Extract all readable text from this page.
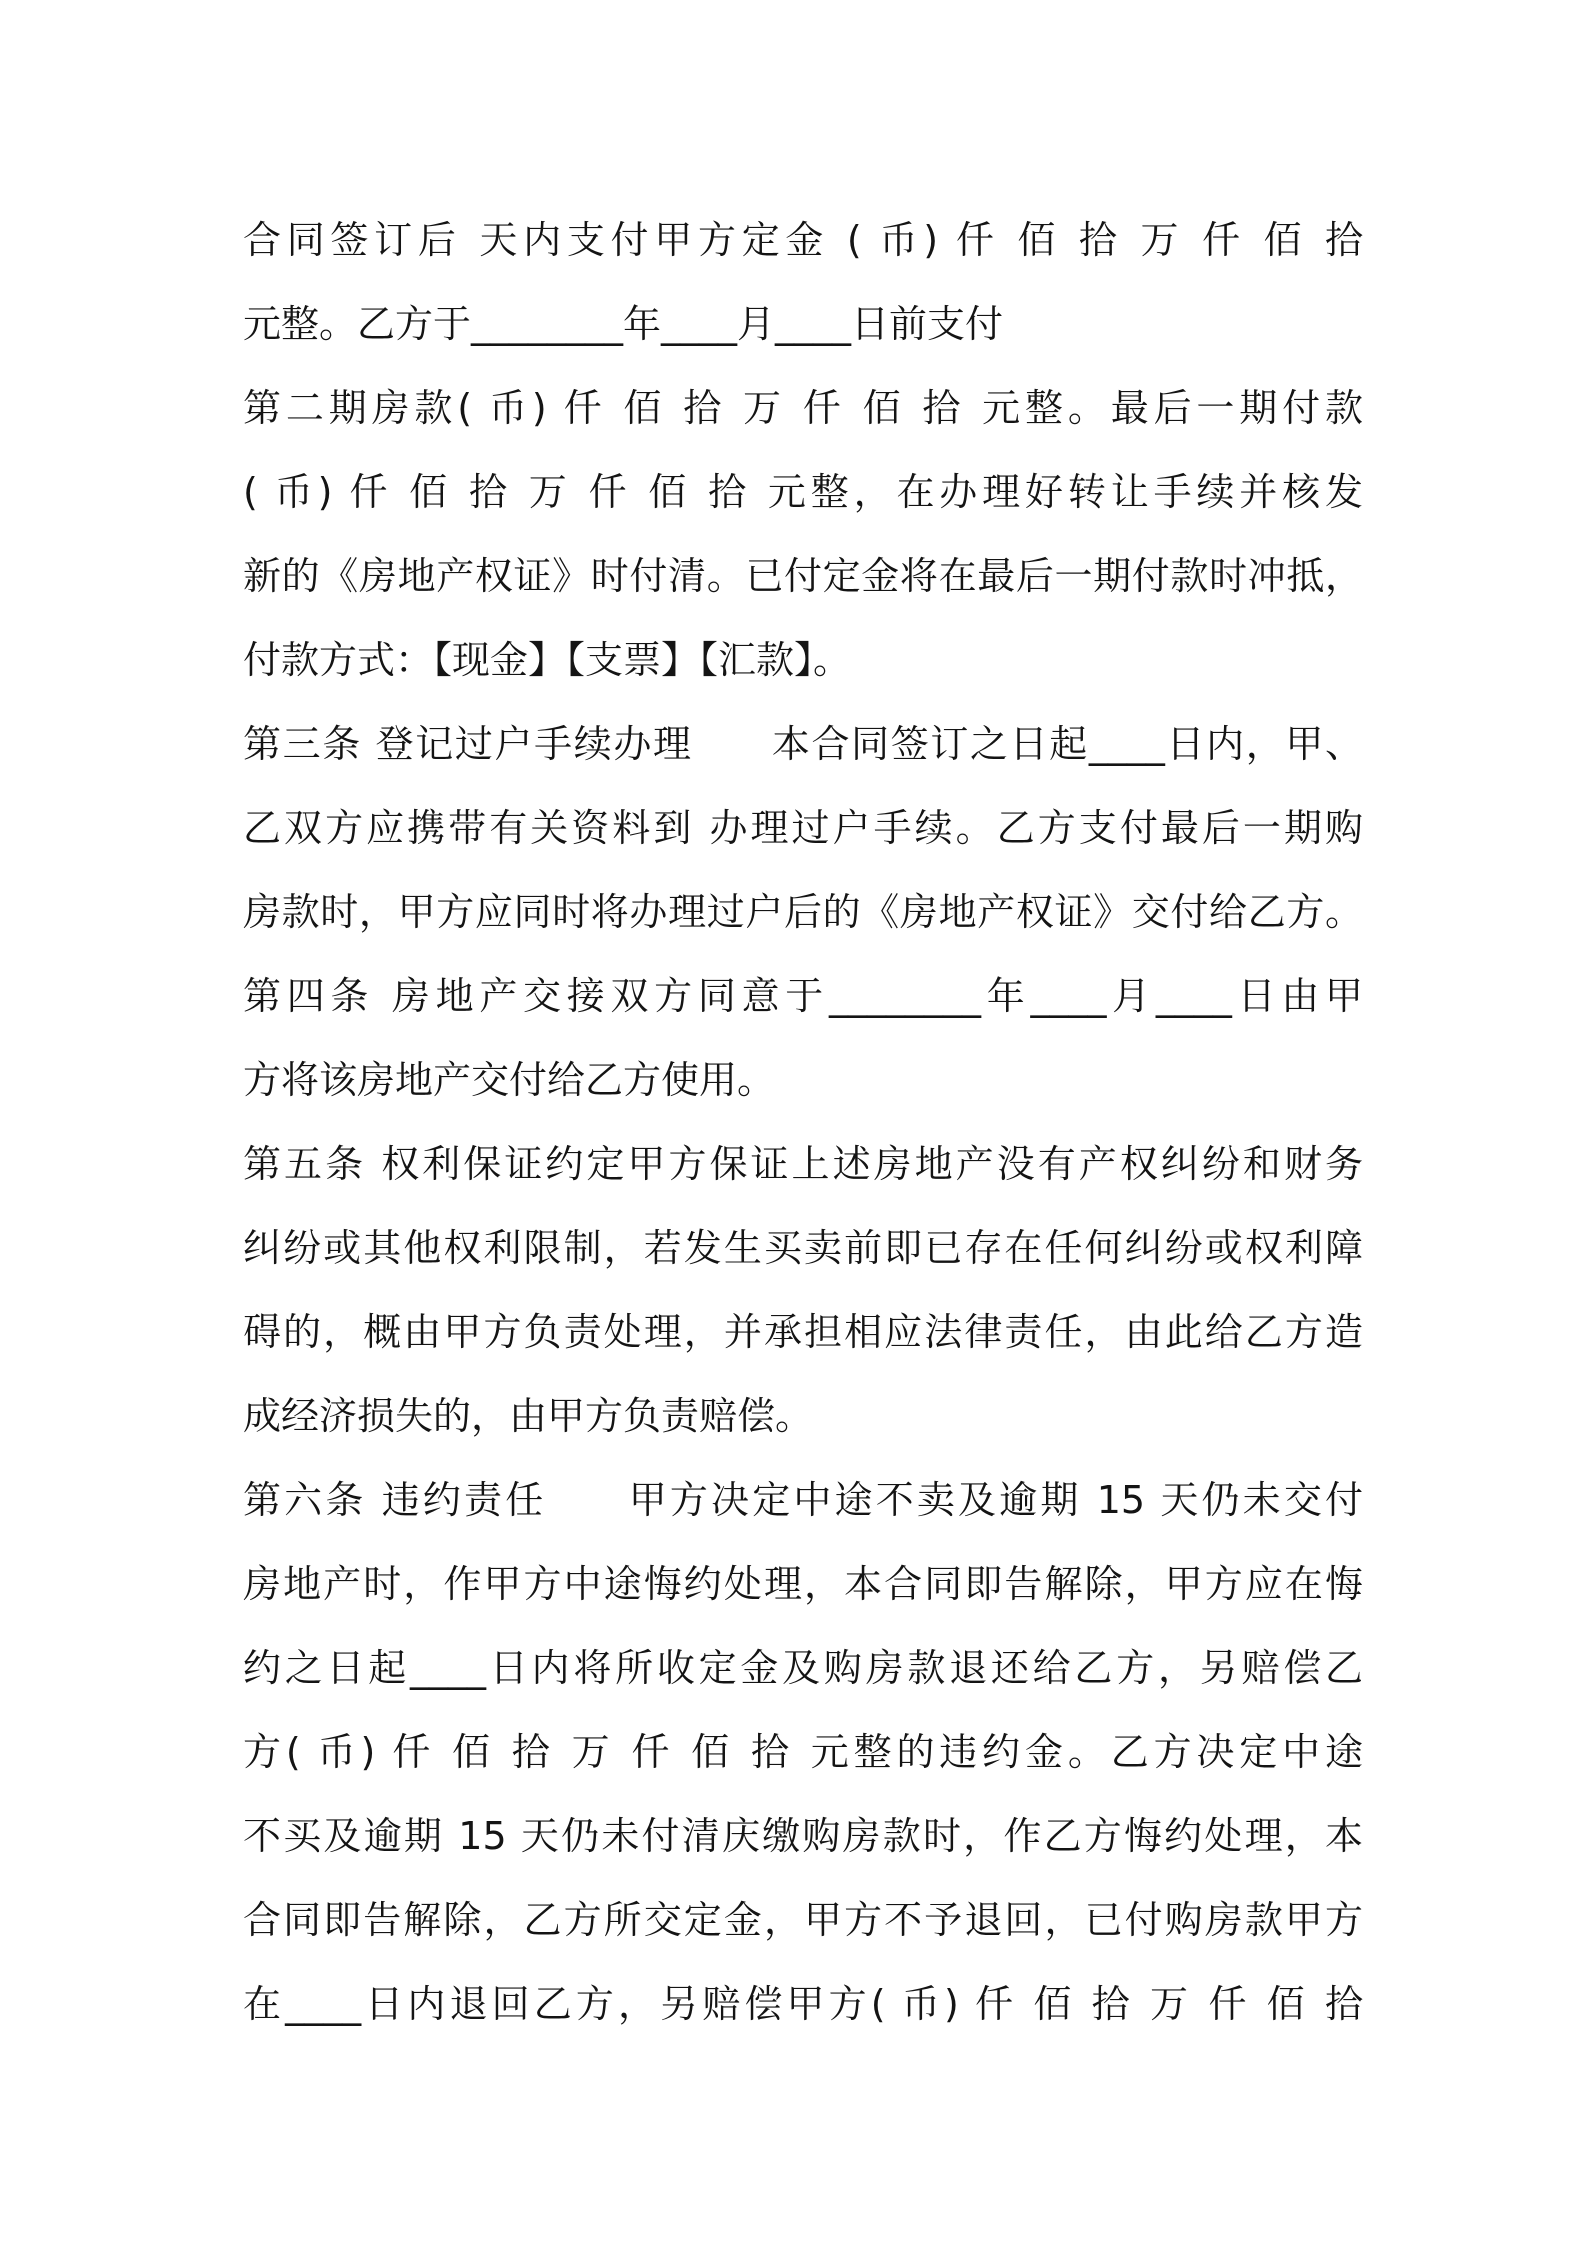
合同签订后 天内支付甲方定金 ( 币) 仟 佰 拾 万 仟 佰 拾
元整。乙方于________年____月____日前支付
第二期房款( 币) 仟 佰 拾 万 仟 佰 拾 元整。最后一期付款
( 币) 仟 佰 拾 万 仟 佰 拾 元整，在办理好转让手续并核发
新的《房地产权证》时付清。已付定金将在最后一期付款时冲抵，
付款方式：【现金】【支票】【汇款】。
第三条 登记过户手续办理　　本合同签订之日起____日内，甲、
乙双方应携带有关资料到 办理过户手续。乙方支付最后一期购
房款时，甲方应同时将办理过户后的《房地产权证》交付给乙方。
第四条 房地产交接双方同意于________年____月____日由甲
方将该房地产交付给乙方使用。
第五条 权利保证约定甲方保证上述房地产没有产权纠纷和财务
纠纷或其他权利限制，若发生买卖前即已存在任何纠纷或权利障
碍的，概由甲方负责处理，并承担相应法律责任，由此给乙方造
成经济损失的，由甲方负责赔偿。
第六条 违约责任　　甲方决定中途不卖及逾期 15 天仍未交付
房地产时，作甲方中途悔约处理，本合同即告解除，甲方应在悔
约之日起____日内将所收定金及购房款退还给乙方，另赔偿乙
方( 币) 仟 佰 拾 万 仟 佰 拾 元整的违约金。乙方决定中途
不买及逾期 15 天仍未付清庆缴购房款时，作乙方悔约处理，本
合同即告解除，乙方所交定金，甲方不予退回，已付购房款甲方
在____日内退回乙方，另赔偿甲方( 币) 仟 佰 拾 万 仟 佰 拾
